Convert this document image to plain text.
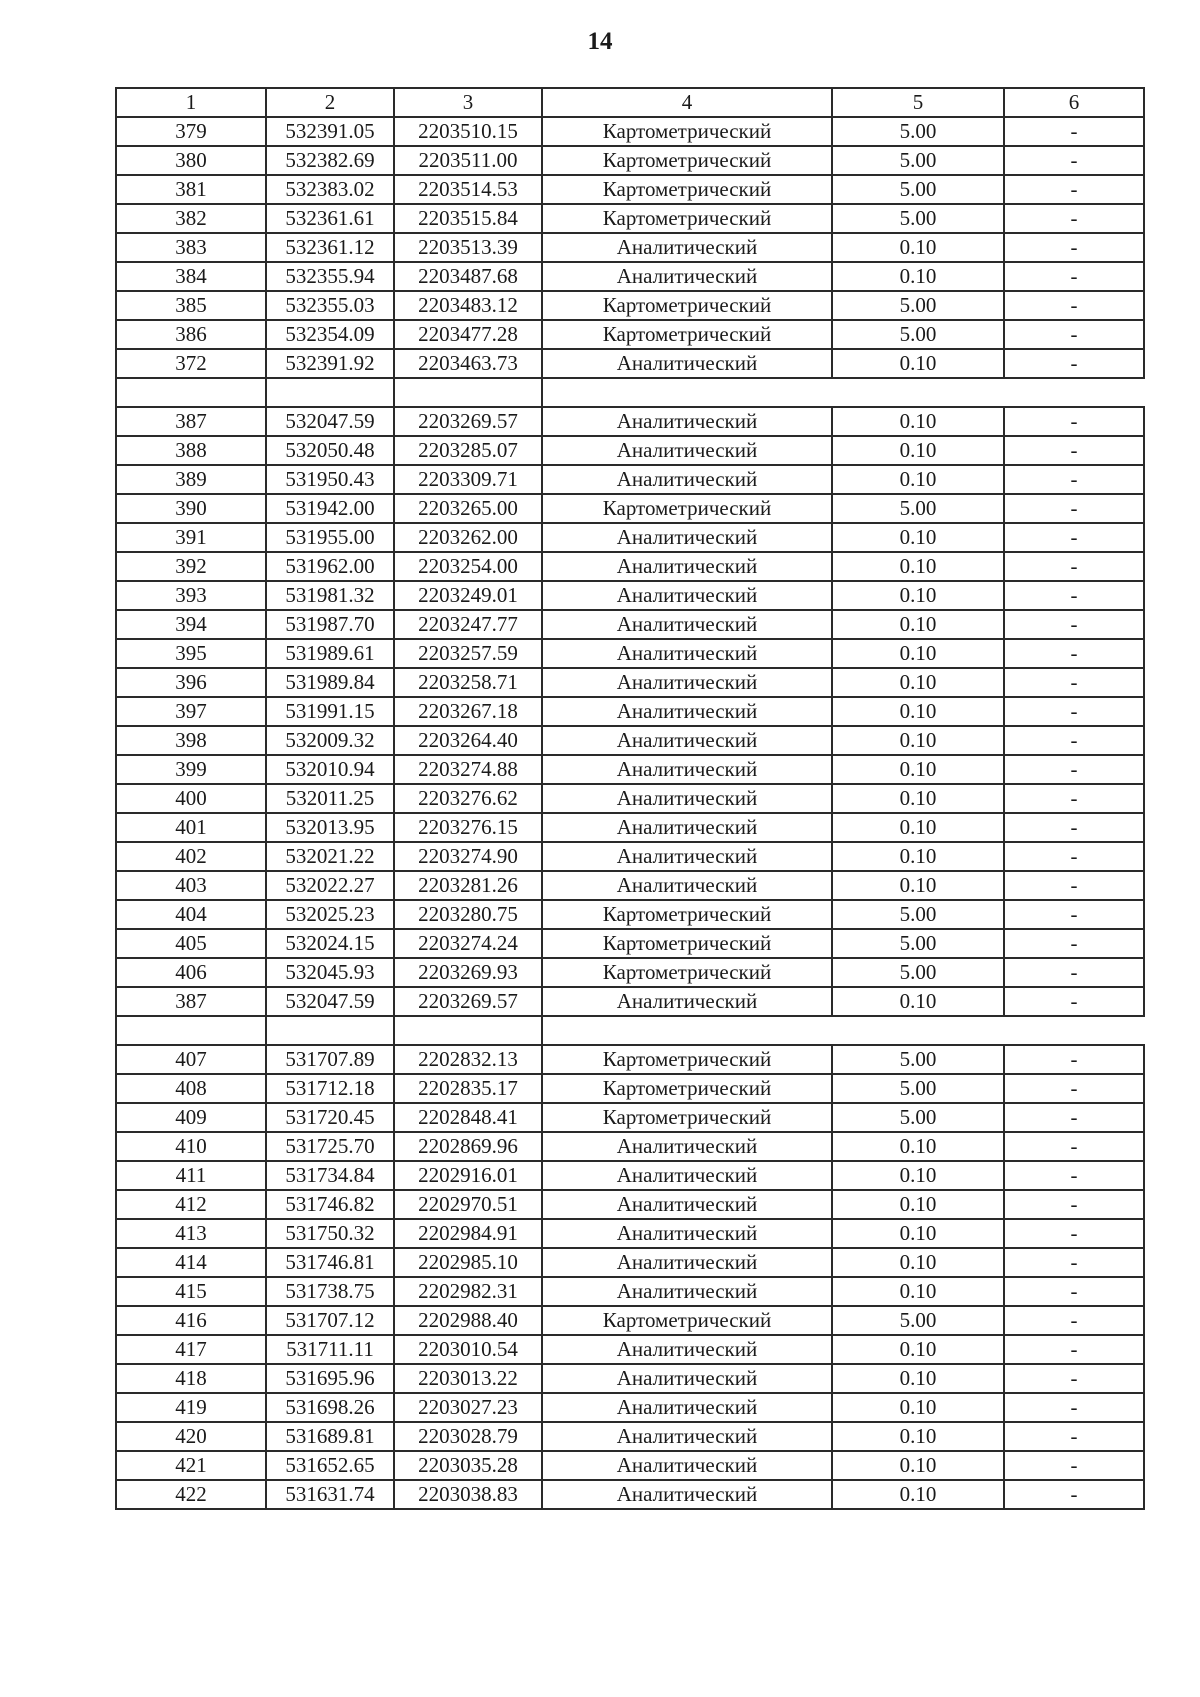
14
1	2	3	4	5	6
379	532391.05	2203510.15	Картометрический	5.00	-
380	532382.69	2203511.00	Картометрический	5.00	-
381	532383.02	2203514.53	Картометрический	5.00	-
382	532361.61	2203515.84	Картометрический	5.00	-
383	532361.12	2203513.39	Аналитический	0.10	-
384	532355.94	2203487.68	Аналитический	0.10	-
385	532355.03	2203483.12	Картометрический	5.00	-
386	532354.09	2203477.28	Картометрический	5.00	-
372	532391.92	2203463.73	Аналитический	0.10	-

387	532047.59	2203269.57	Аналитический	0.10	-
388	532050.48	2203285.07	Аналитический	0.10	-
389	531950.43	2203309.71	Аналитический	0.10	-
390	531942.00	2203265.00	Картометрический	5.00	-
391	531955.00	2203262.00	Аналитический	0.10	-
392	531962.00	2203254.00	Аналитический	0.10	-
393	531981.32	2203249.01	Аналитический	0.10	-
394	531987.70	2203247.77	Аналитический	0.10	-
395	531989.61	2203257.59	Аналитический	0.10	-
396	531989.84	2203258.71	Аналитический	0.10	-
397	531991.15	2203267.18	Аналитический	0.10	-
398	532009.32	2203264.40	Аналитический	0.10	-
399	532010.94	2203274.88	Аналитический	0.10	-
400	532011.25	2203276.62	Аналитический	0.10	-
401	532013.95	2203276.15	Аналитический	0.10	-
402	532021.22	2203274.90	Аналитический	0.10	-
403	532022.27	2203281.26	Аналитический	0.10	-
404	532025.23	2203280.75	Картометрический	5.00	-
405	532024.15	2203274.24	Картометрический	5.00	-
406	532045.93	2203269.93	Картометрический	5.00	-
387	532047.59	2203269.57	Аналитический	0.10	-

407	531707.89	2202832.13	Картометрический	5.00	-
408	531712.18	2202835.17	Картометрический	5.00	-
409	531720.45	2202848.41	Картометрический	5.00	-
410	531725.70	2202869.96	Аналитический	0.10	-
411	531734.84	2202916.01	Аналитический	0.10	-
412	531746.82	2202970.51	Аналитический	0.10	-
413	531750.32	2202984.91	Аналитический	0.10	-
414	531746.81	2202985.10	Аналитический	0.10	-
415	531738.75	2202982.31	Аналитический	0.10	-
416	531707.12	2202988.40	Картометрический	5.00	-
417	531711.11	2203010.54	Аналитический	0.10	-
418	531695.96	2203013.22	Аналитический	0.10	-
419	531698.26	2203027.23	Аналитический	0.10	-
420	531689.81	2203028.79	Аналитический	0.10	-
421	531652.65	2203035.28	Аналитический	0.10	-
422	531631.74	2203038.83	Аналитический	0.10	-
